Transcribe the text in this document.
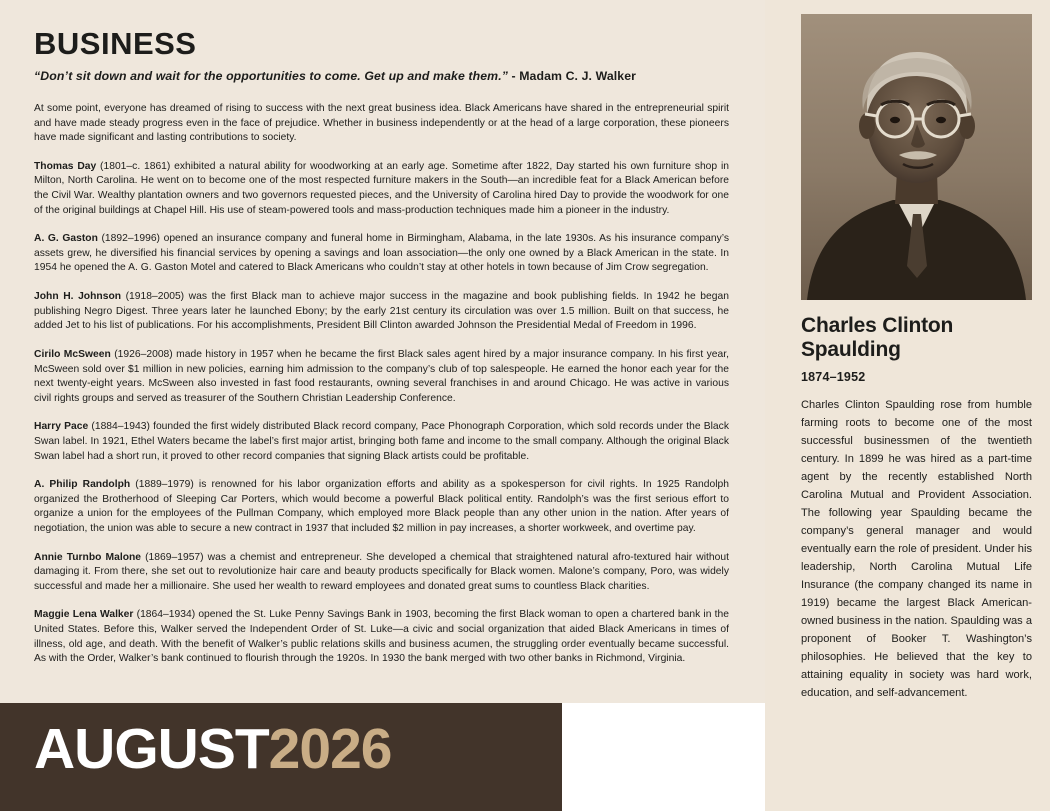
BUSINESS
“Don’t sit down and wait for the opportunities to come. Get up and make them.” - Madam C. J. Walker

At some point, everyone has dreamed of rising to success with the next great business idea. Black Americans have shared in the entrepreneurial spirit and have made steady progress even in the face of prejudice. Whether in business independently or at the head of a large corporation, these pioneers have made significant and lasting contributions to society.

Thomas Day (1801–c. 1861) exhibited a natural ability for woodworking at an early age. Sometime after 1822, Day started his own furniture shop in Milton, North Carolina. He went on to become one of the most respected furniture makers in the South—an incredible feat for a Black American before the Civil War. Wealthy plantation owners and two governors requested pieces, and the University of Carolina hired Day to provide the woodwork for one of the original buildings at Chapel Hill. His use of steam-powered tools and mass-production techniques made him a pioneer in the industry.

A. G. Gaston (1892–1996) opened an insurance company and funeral home in Birmingham, Alabama, in the late 1930s. As his insurance company’s assets grew, he diversified his financial services by opening a savings and loan association—the only one owned by a Black American in the state. In 1954 he opened the A. G. Gaston Motel and catered to Black Americans who couldn’t stay at other hotels in town because of Jim Crow segregation.

John H. Johnson (1918–2005) was the first Black man to achieve major success in the magazine and book publishing fields. In 1942 he began publishing Negro Digest. Three years later he launched Ebony; by the early 21st century its circulation was over 1.5 million. Built on that success, he added Jet to his list of publications. For his accomplishments, President Bill Clinton awarded Johnson the Presidential Medal of Freedom in 1996.

Cirilo McSween (1926–2008) made history in 1957 when he became the first Black sales agent hired by a major insurance company. In his first year, McSween sold over $1 million in new policies, earning him admission to the company’s club of top salespeople. He earned the honor each year for the next twenty-eight years. McSween also invested in fast food restaurants, owning several franchises in and around Chicago. He was active in various civil rights groups and served as treasurer of the Southern Christian Leadership Conference.

Harry Pace (1884–1943) founded the first widely distributed Black record company, Pace Phonograph Corporation, which sold records under the Black Swan label. In 1921, Ethel Waters became the label’s first major artist, bringing both fame and income to the small company. Although the original Black Swan label had a short run, it proved to other record companies that signing Black artists could be profitable.

A. Philip Randolph (1889–1979) is renowned for his labor organization efforts and ability as a spokesperson for civil rights. In 1925 Randolph organized the Brotherhood of Sleeping Car Porters, which would become a powerful Black political entity. Randolph’s was the first serious effort to organize a union for the employees of the Pullman Company, which employed more Black people than any other union in the nation. After years of negotiation, the union was able to secure a new contract in 1937 that included $2 million in pay increases, a shorter workweek, and overtime pay.

Annie Turnbo Malone (1869–1957) was a chemist and entrepreneur. She developed a chemical that straightened natural afro-textured hair without damaging it. From there, she set out to revolutionize hair care and beauty products specifically for Black women. Malone’s company, Poro, was widely successful and made her a millionaire. She used her wealth to reward employees and donated great sums to countless Black charities.

Maggie Lena Walker (1864–1934) opened the St. Luke Penny Savings Bank in 1903, becoming the first Black woman to open a chartered bank in the United States. Before this, Walker served the Independent Order of St. Luke—a civic and social organization that aided Black Americans in times of illness, old age, and death. With the benefit of Walker’s public relations skills and business acumen, the struggling order eventually became successful. As with the Order, Walker’s bank continued to flourish through the 1920s. In 1930 the bank merged with two other banks in Richmond, Virginia.

AUGUST2026
Charles Clinton Spaulding
1874–1952
Charles Clinton Spaulding rose from humble farming roots to become one of the most successful businessmen of the twentieth century. In 1899 he was hired as a part-time agent by the recently established North Carolina Mutual and Provident Association. The following year Spaulding became the company’s general manager and would eventually earn the role of president. Under his leadership, North Carolina Mutual Life Insurance (the company changed its name in 1919) became the largest Black American-owned business in the nation. Spaulding was a proponent of Booker T. Washington’s philosophies. He believed that the key to attaining equality in society was hard work, education, and self-advancement.
